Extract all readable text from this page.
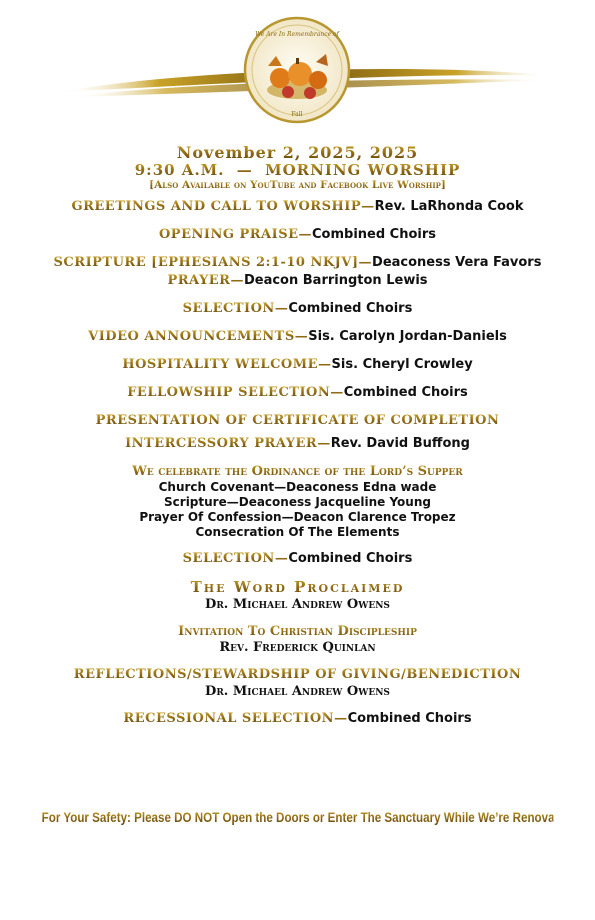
We Are In Remembrance of
Fall
November 2, 2025, 2025
9:30 A.M. — MORNING WORSHIP
[Also Available on YouTube and Facebook Live Worship]
GREETINGS AND CALL TO WORSHIP—Rev. LaRhonda Cook
OPENING PRAISE—Combined Choirs
SCRIPTURE [EPHESIANS 2:1-10 NKJV]—Deaconess Vera Favors
PRAYER—Deacon Barrington Lewis
SELECTION—Combined Choirs
VIDEO ANNOUNCEMENTS—Sis. Carolyn Jordan-Daniels
HOSPITALITY WELCOME—Sis. Cheryl Crowley
FELLOWSHIP SELECTION—Combined Choirs
PRESENTATION OF CERTIFICATE OF COMPLETION
INTERCESSORY PRAYER—Rev. David Buffong
We celebrate the Ordinance of the Lord’s Supper
Church Covenant—Deaconess Edna wade
Scripture—Deaconess Jacqueline Young
Prayer Of Confession—Deacon Clarence Tropez
Consecration Of The Elements
SELECTION—Combined Choirs
The Word Proclaimed
Dr. Michael Andrew Owens
Invitation To Christian Discipleship
Rev. Frederick Quinlan
REFLECTIONS/STEWARDSHIP OF GIVING/BENEDICTION
Dr. Michael Andrew Owens
RECESSIONAL SELECTION—Combined Choirs
For Your Safety: Please DO NOT Open the Doors or Enter The Sanctuary While We’re Renovating
